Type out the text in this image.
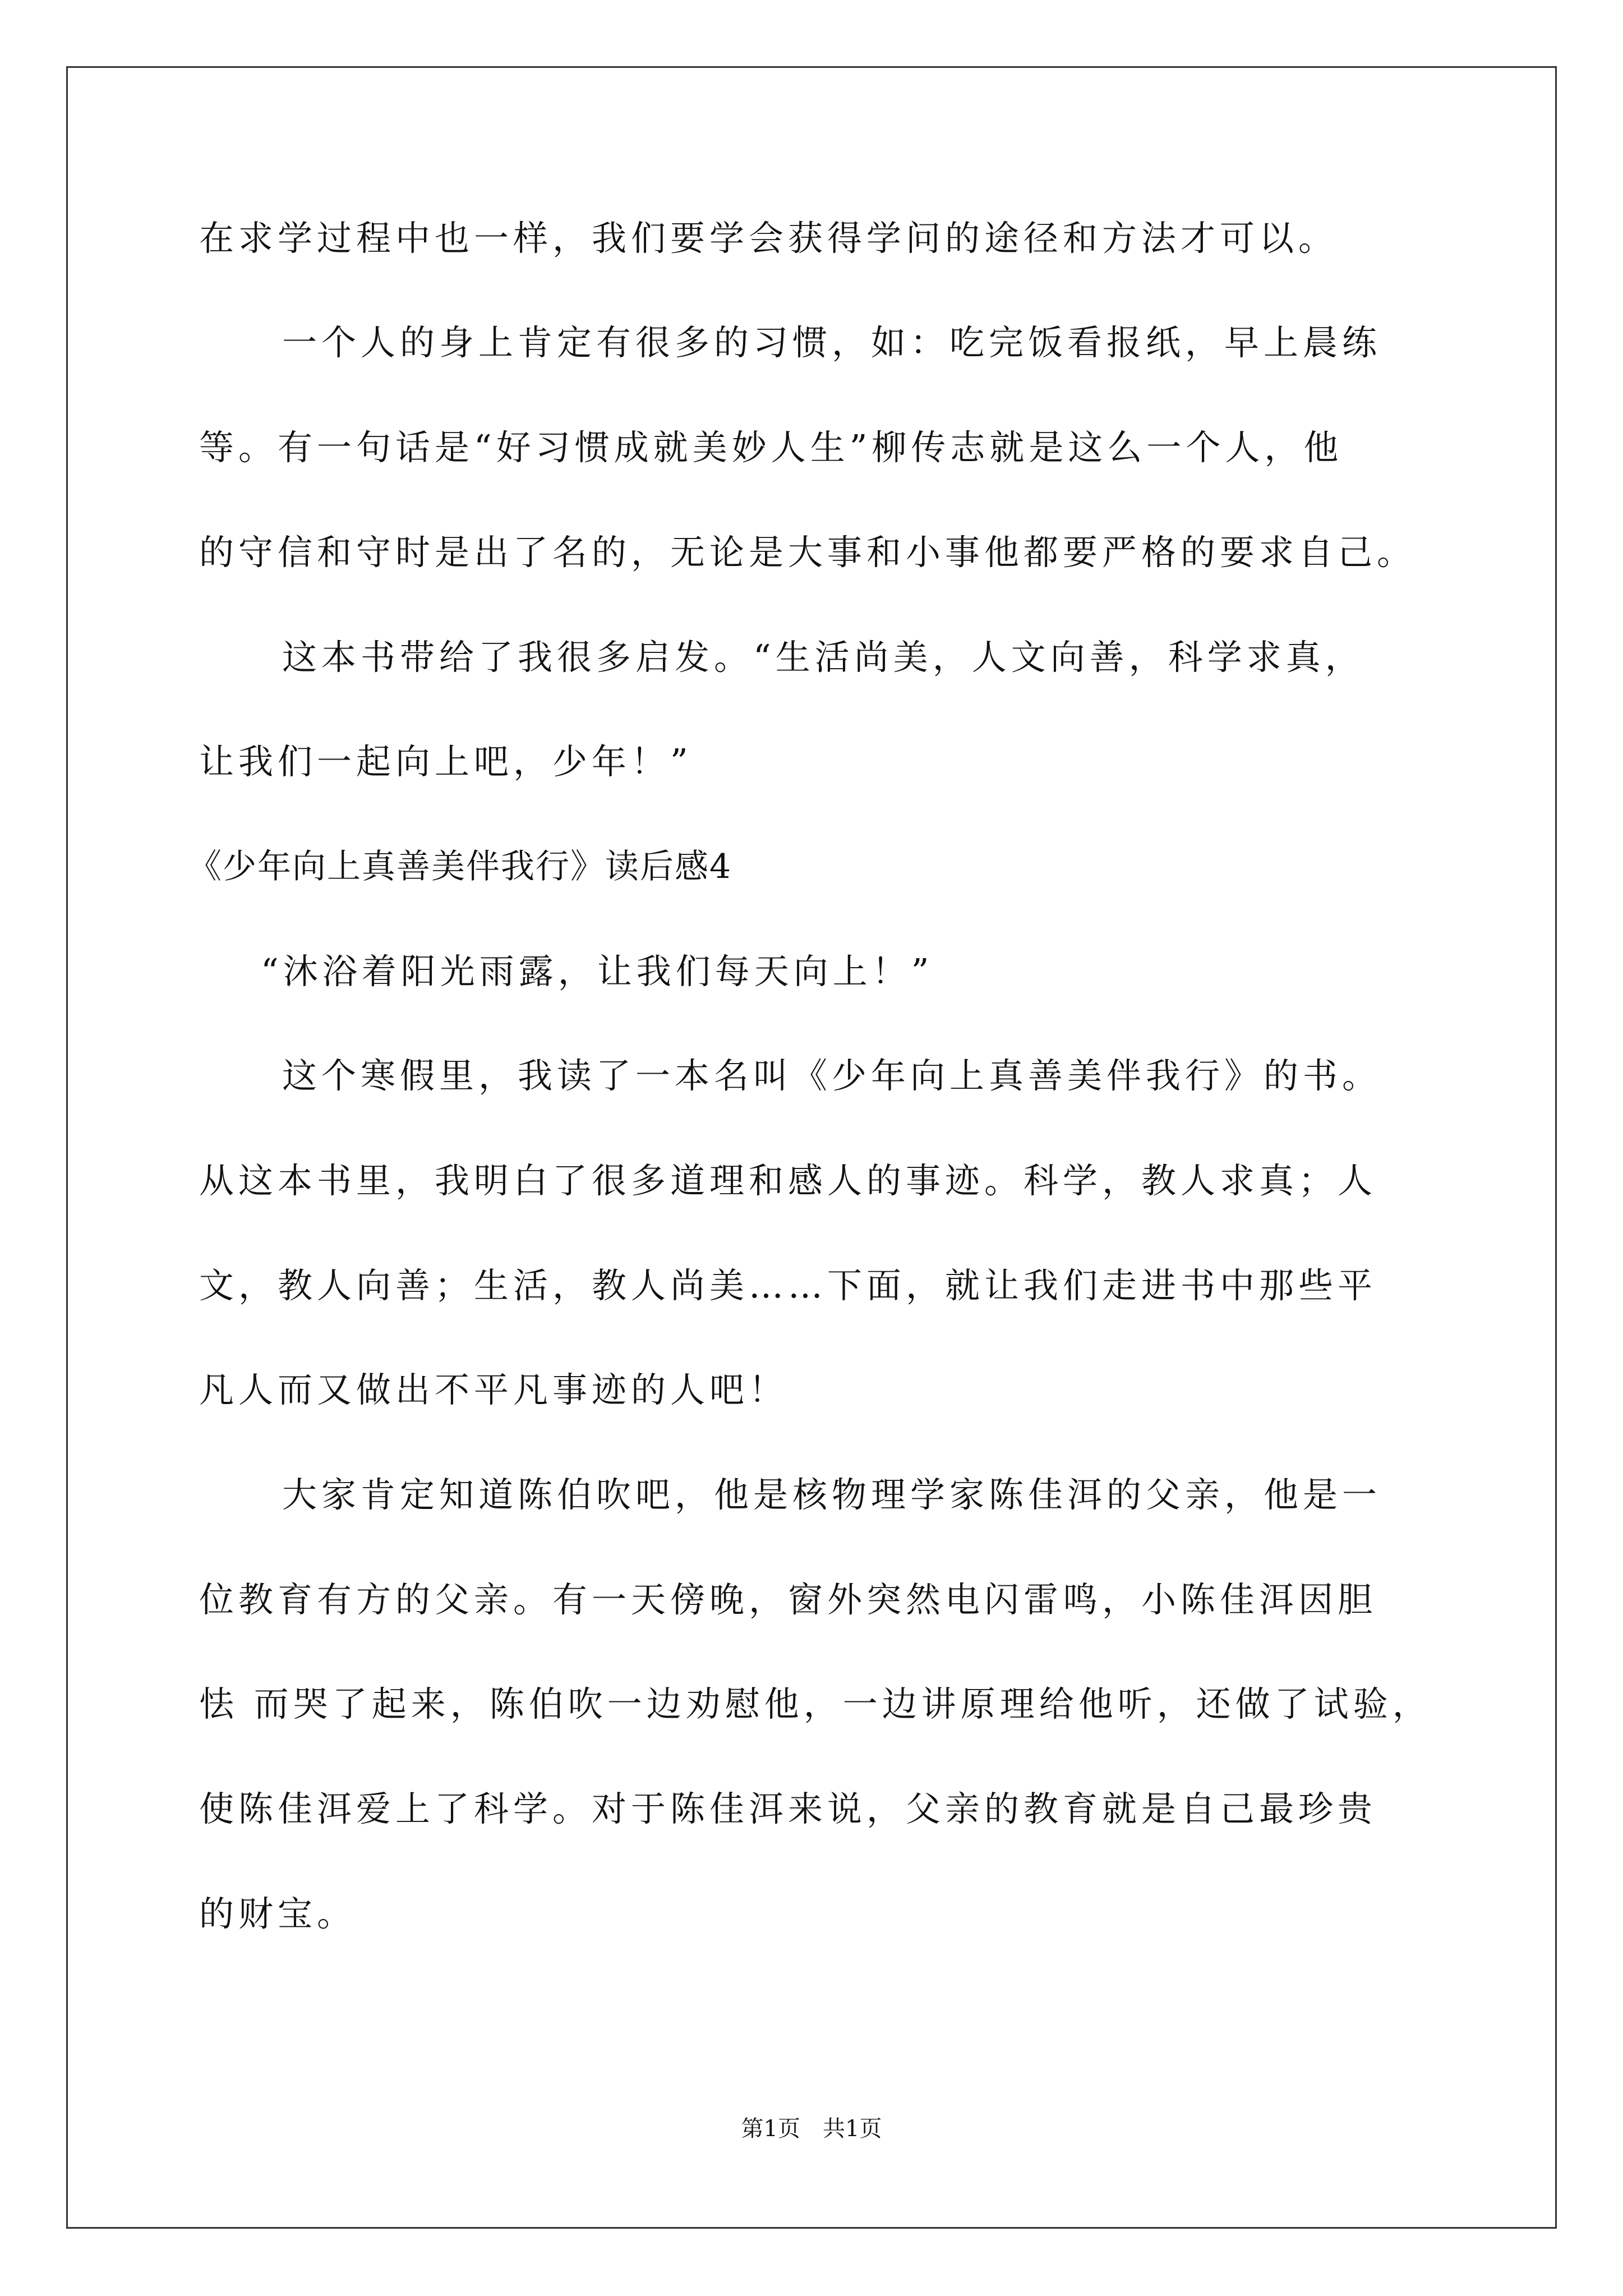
在求学过程中也一样，我们要学会获得学问的途径和方法才可以。
一个人的身上肯定有很多的习惯，如：吃完饭看报纸，早上晨练
等。有一句话是“好习惯成就美妙人生”柳传志就是这么一个人，他
的守信和守时是出了名的，无论是大事和小事他都要严格的要求自己。
这本书带给了我很多启发。“生活尚美，人文向善，科学求真，
让我们一起向上吧，少年！”
《少年向上真善美伴我行》读后感4
“沐浴着阳光雨露，让我们每天向上！”
这个寒假里，我读了一本名叫《少年向上真善美伴我行》的书。
从这本书里，我明白了很多道理和感人的事迹。科学，教人求真；人
文，教人向善；生活，教人尚美……下面，就让我们走进书中那些平
凡人而又做出不平凡事迹的人吧！
大家肯定知道陈伯吹吧，他是核物理学家陈佳洱的父亲，他是一
位教育有方的父亲。有一天傍晚，窗外突然电闪雷鸣，小陈佳洱因胆
怯 而哭了起来，陈伯吹一边劝慰他，一边讲原理给他听，还做了试验，
使陈佳洱爱上了科学。对于陈佳洱来说，父亲的教育就是自己最珍贵
的财宝。
第1页　共1页
